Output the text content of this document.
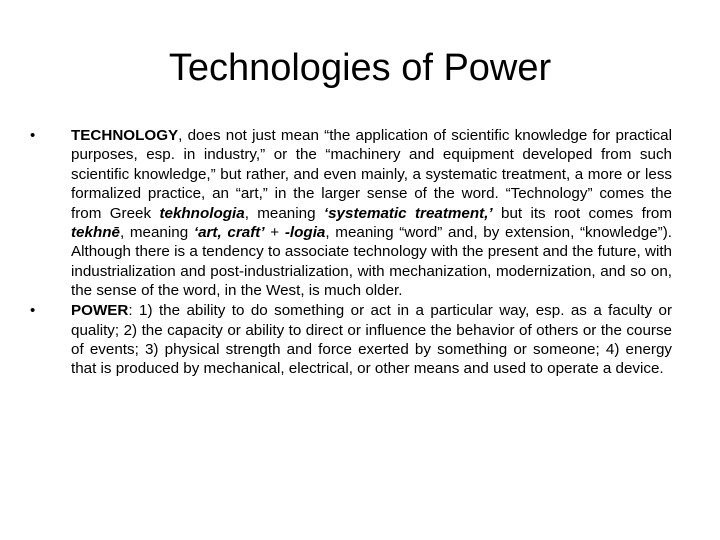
Technologies of Power
•	TECHNOLOGY, does not just mean “the application of scientific knowledge for practical purposes, esp. in industry,” or the “machinery and equipment developed from such scientific knowledge,” but rather, and even mainly, a systematic treatment, a more or less formalized practice, an “art,” in the larger sense of the word. “Technology” comes the from Greek tekhnologia, meaning ‘systematic treatment,’ but its root comes from tekhnē, meaning ‘art, craft’ + -logia, meaning “word” and, by extension, “knowledge”). Although there is a tendency to associate technology with the present and the future, with industrialization and post-industrialization, with mechanization, modernization, and so on, the sense of the word, in the West, is much older.
•	POWER: 1) the ability to do something or act in a particular way, esp. as a faculty or quality; 2) the capacity or ability to direct or influence the behavior of others or the course of events; 3) physical strength and force exerted by something or someone; 4) energy that is produced by mechanical, electrical, or other means and used to operate a device.
